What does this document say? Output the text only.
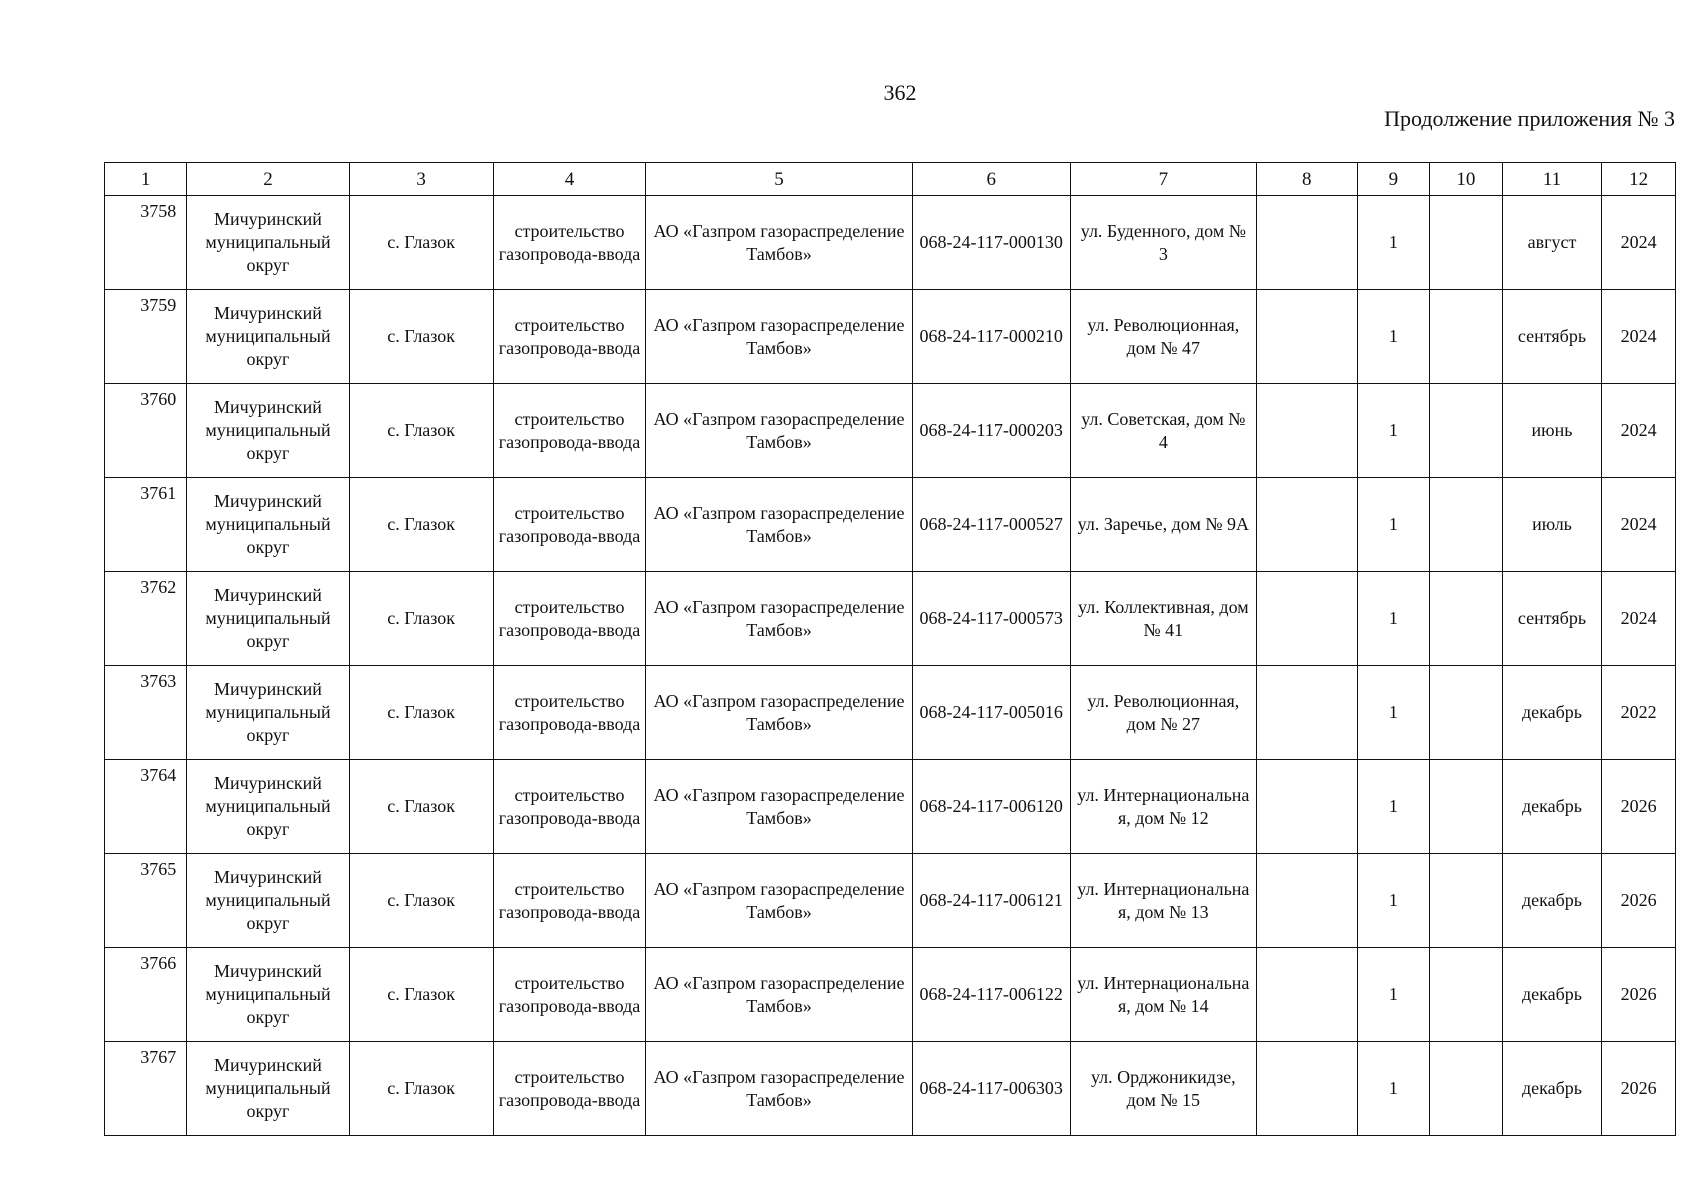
362
Продолжение приложения № 3
1	2	3	4	5	6	7	8	9	10	11	12
3758	Мичуринский муниципальный округ	с. Глазок	строительство газопровода-ввода	АО «Газпром газораспределение Тамбов»	068-24-117-000130	ул. Буденного, дом № 3		1		август	2024
3759	Мичуринский муниципальный округ	с. Глазок	строительство газопровода-ввода	АО «Газпром газораспределение Тамбов»	068-24-117-000210	ул. Революционная, дом № 47		1		сентябрь	2024
3760	Мичуринский муниципальный округ	с. Глазок	строительство газопровода-ввода	АО «Газпром газораспределение Тамбов»	068-24-117-000203	ул. Советская, дом № 4		1		июнь	2024
3761	Мичуринский муниципальный округ	с. Глазок	строительство газопровода-ввода	АО «Газпром газораспределение Тамбов»	068-24-117-000527	ул. Заречье, дом № 9А		1		июль	2024
3762	Мичуринский муниципальный округ	с. Глазок	строительство газопровода-ввода	АО «Газпром газораспределение Тамбов»	068-24-117-000573	ул. Коллективная, дом № 41		1		сентябрь	2024
3763	Мичуринский муниципальный округ	с. Глазок	строительство газопровода-ввода	АО «Газпром газораспределение Тамбов»	068-24-117-005016	ул. Революционная, дом № 27		1		декабрь	2022
3764	Мичуринский муниципальный округ	с. Глазок	строительство газопровода-ввода	АО «Газпром газораспределение Тамбов»	068-24-117-006120	ул. Интернациональна я, дом № 12		1		декабрь	2026
3765	Мичуринский муниципальный округ	с. Глазок	строительство газопровода-ввода	АО «Газпром газораспределение Тамбов»	068-24-117-006121	ул. Интернациональна я, дом № 13		1		декабрь	2026
3766	Мичуринский муниципальный округ	с. Глазок	строительство газопровода-ввода	АО «Газпром газораспределение Тамбов»	068-24-117-006122	ул. Интернациональна я, дом № 14		1		декабрь	2026
3767	Мичуринский муниципальный округ	с. Глазок	строительство газопровода-ввода	АО «Газпром газораспределение Тамбов»	068-24-117-006303	ул. Орджоникидзе, дом № 15		1		декабрь	2026
